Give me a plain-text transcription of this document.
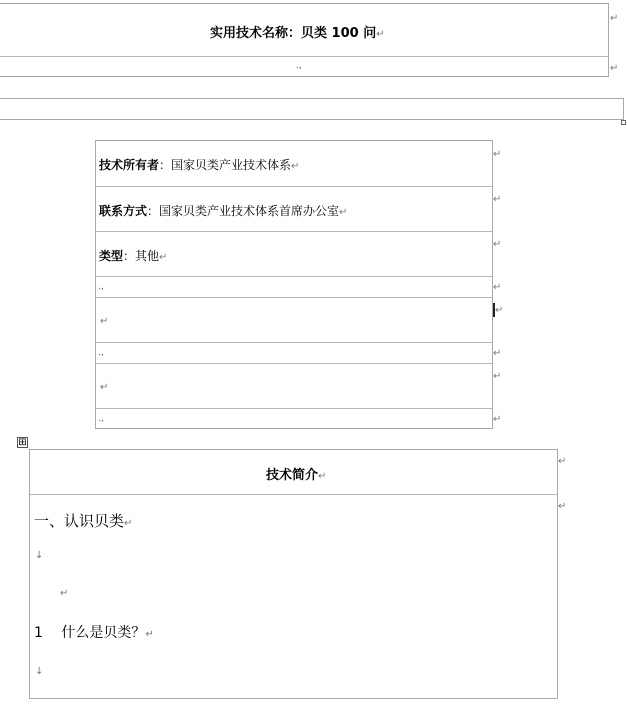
实用技术名称：贝类 100 问↵
.,
↵
↵
技术所有者：国家贝类产业技术体系↵
联系方式：国家贝类产业技术体系首席办公室↵
类型：其他↵
.,
↵
.,
↵
.,
↵
↵
↵
↵
↵
↵
↵
↵
⊞
技术简介↵
一、认识贝类↵
↓
↵
1 什么是贝类？↵
↓
↵
↵
